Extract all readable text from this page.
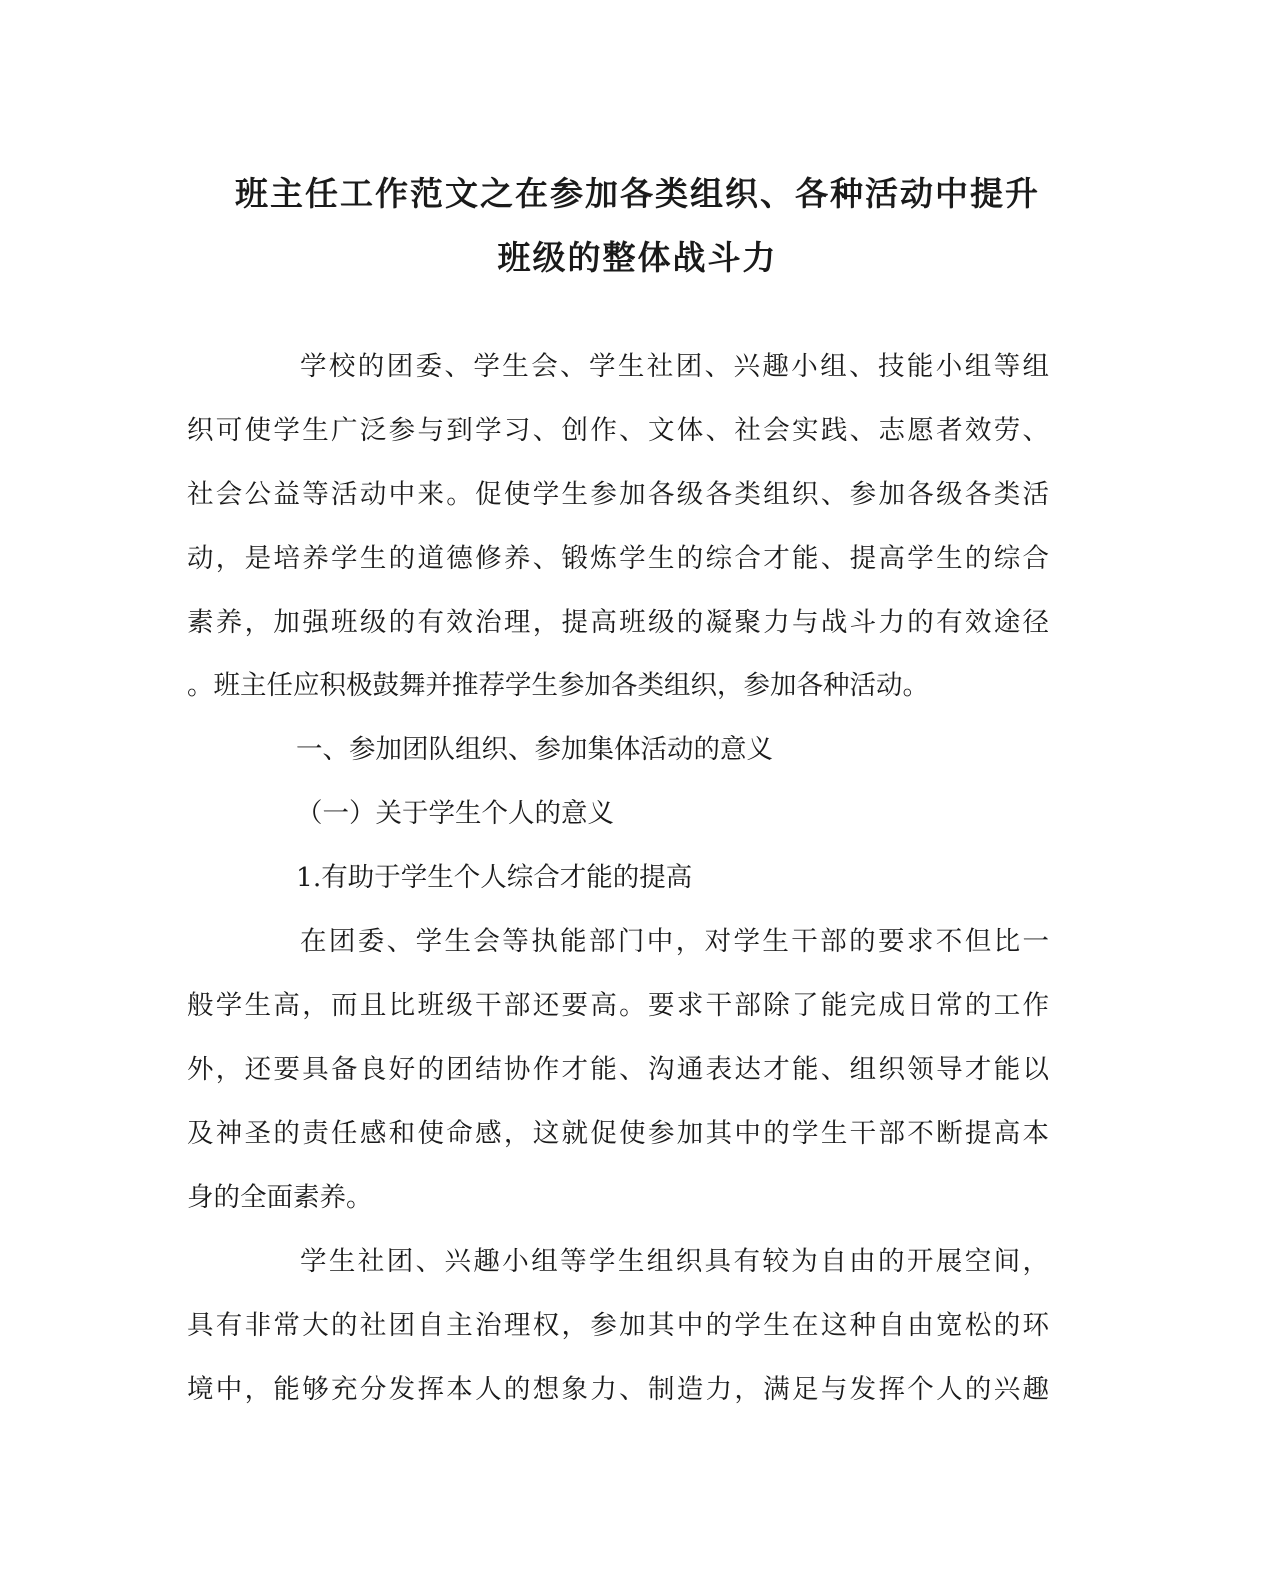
班主任工作范文之在参加各类组织、各种活动中提升
班级的整体战斗力

学校的团委、学生会、学生社团、兴趣小组、技能小组等组

织可使学生广泛参与到学习、创作、文体、社会实践、志愿者效劳、

社会公益等活动中来。促使学生参加各级各类组织、参加各级各类活

动，是培养学生的道德修养、锻炼学生的综合才能、提高学生的综合

素养，加强班级的有效治理，提高班级的凝聚力与战斗力的有效途径

。班主任应积极鼓舞并推荐学生参加各类组织，参加各种活动。

一、参加团队组织、参加集体活动的意义

（一）关于学生个人的意义

1.有助于学生个人综合才能的提高

在团委、学生会等执能部门中，对学生干部的要求不但比一

般学生高，而且比班级干部还要高。要求干部除了能完成日常的工作

外，还要具备良好的团结协作才能、沟通表达才能、组织领导才能以

及神圣的责任感和使命感，这就促使参加其中的学生干部不断提高本

身的全面素养。

学生社团、兴趣小组等学生组织具有较为自由的开展空间，

具有非常大的社团自主治理权，参加其中的学生在这种自由宽松的环

境中，能够充分发挥本人的想象力、制造力，满足与发挥个人的兴趣
